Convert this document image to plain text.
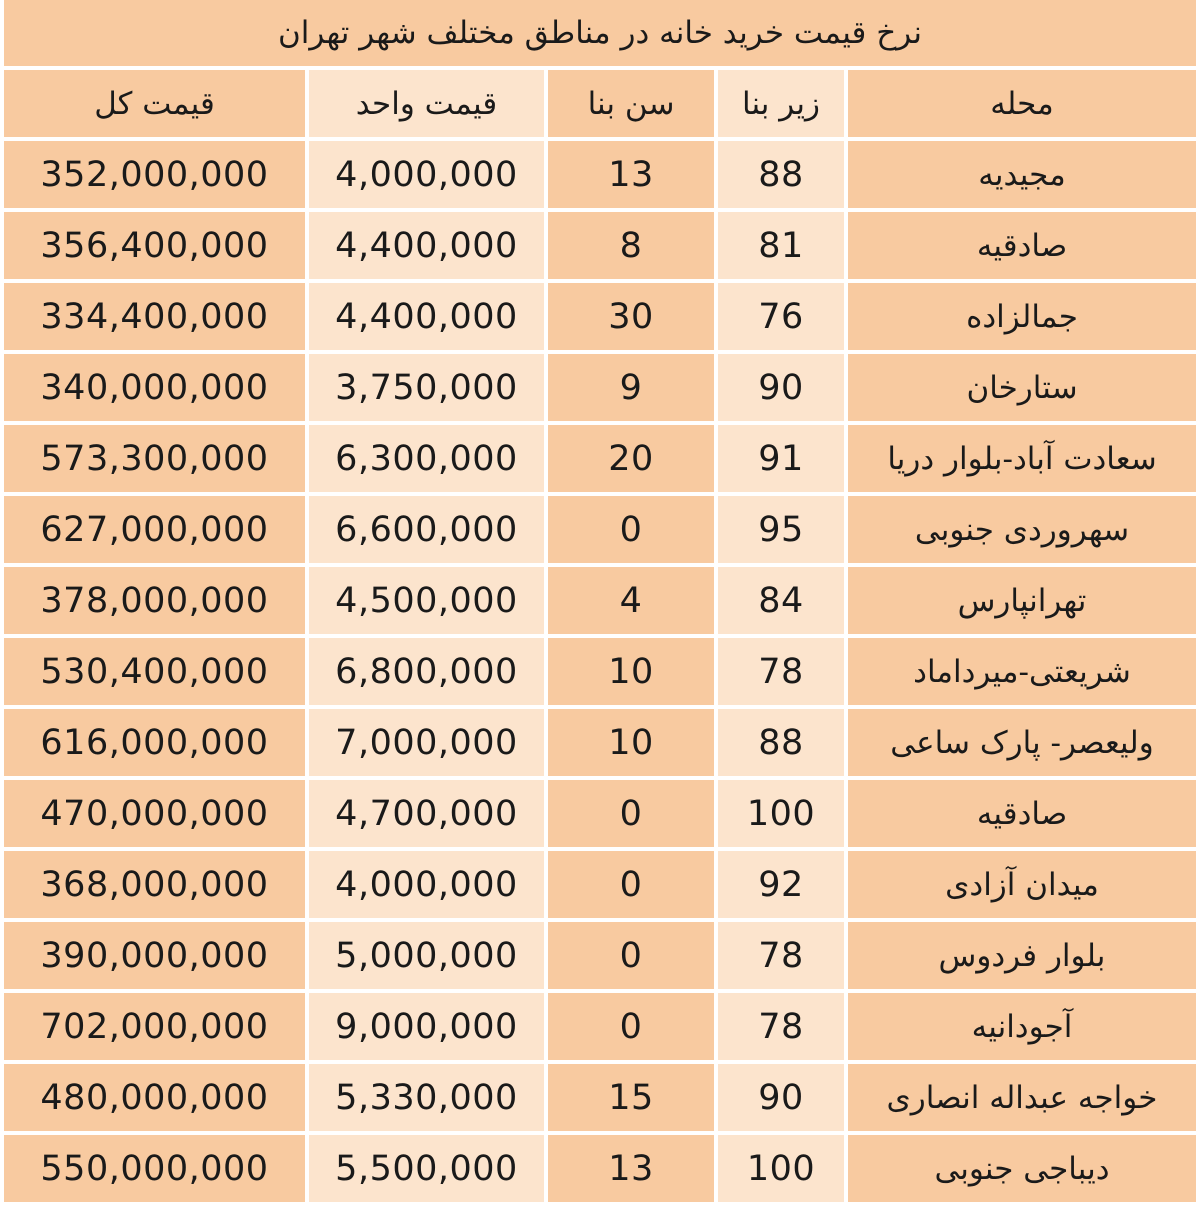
نرخ قیمت خرید خانه در مناطق مختلف شهر تهران
قیمت کل	قیمت واحد	سن بنا	زیر بنا	محله
352,000,000	4,000,000	13	88	مجیدیه
356,400,000	4,400,000	8	81	صادقیه
334,400,000	4,400,000	30	76	جمالزاده
340,000,000	3,750,000	9	90	ستارخان
573,300,000	6,300,000	20	91	سعادت آباد-بلوار دریا
627,000,000	6,600,000	0	95	سهروردی جنوبی
378,000,000	4,500,000	4	84	تهرانپارس
530,400,000	6,800,000	10	78	شریعتی-میرداماد
616,000,000	7,000,000	10	88	ولیعصر- پارک ساعی
470,000,000	4,700,000	0	100	صادقیه
368,000,000	4,000,000	0	92	میدان آزادی
390,000,000	5,000,000	0	78	بلوار فردوس
702,000,000	9,000,000	0	78	آجودانیه
480,000,000	5,330,000	15	90	خواجه عبداله انصاری
550,000,000	5,500,000	13	100	دیباجی جنوبی
